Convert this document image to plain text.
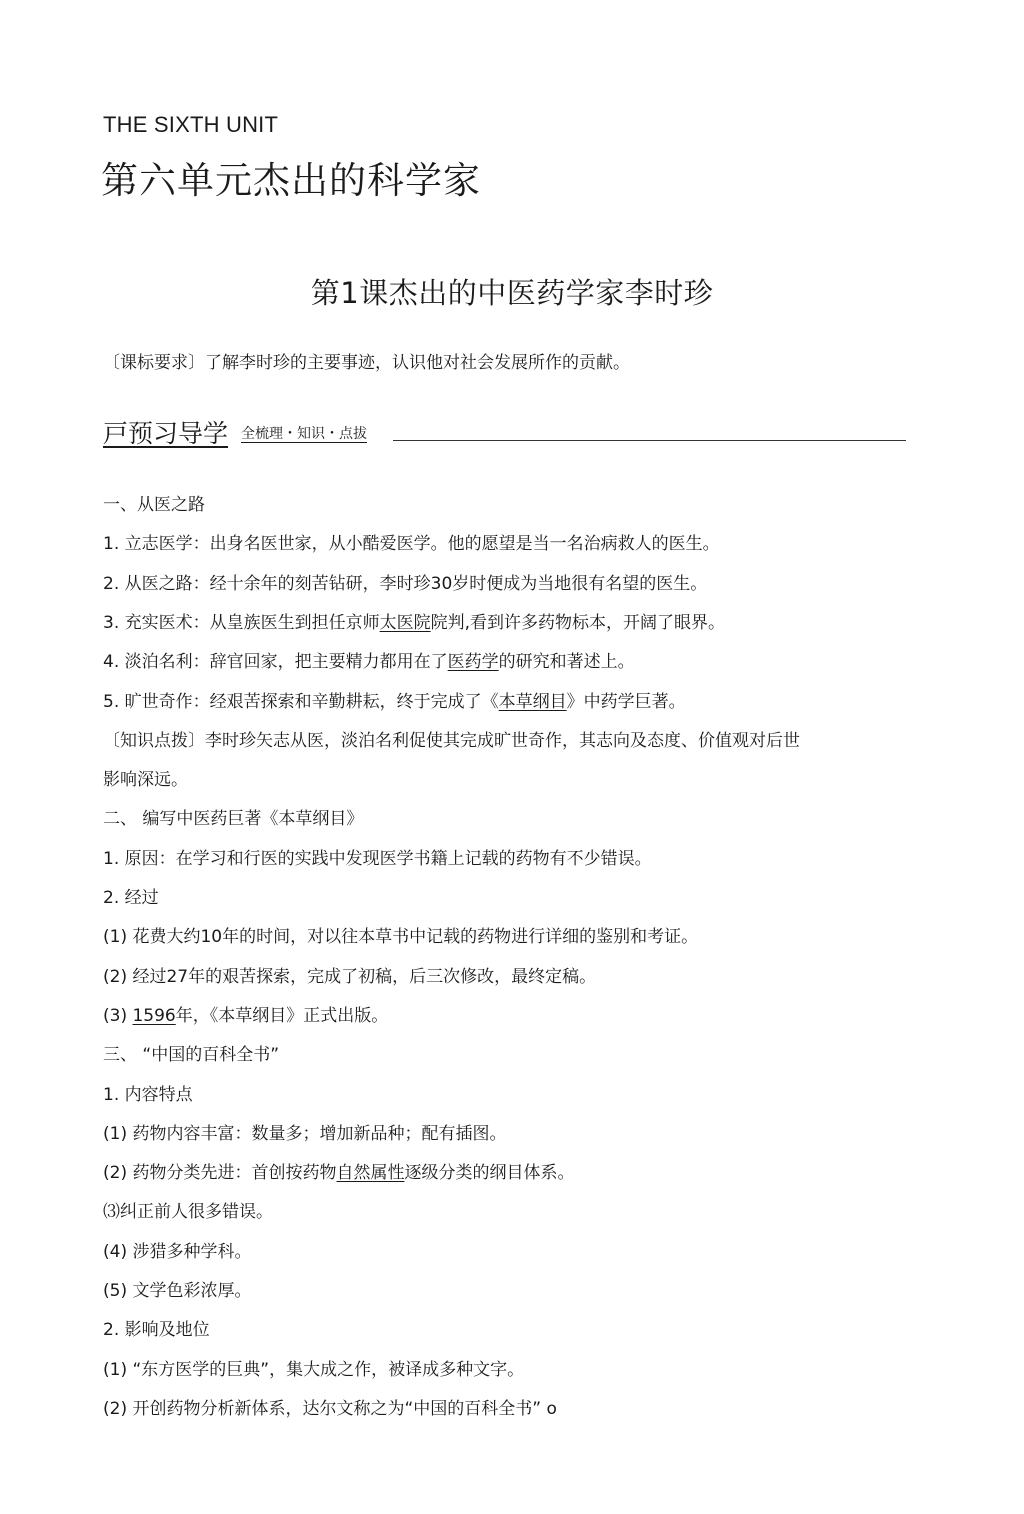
THE SIXTH UNIT
第六单元杰出的科学家
第1课杰出的中医药学家李时珍
〔课标要求〕了解李时珍的主要事迹，认识他对社会发展所作的贡献。
戸预习导学 全梳理・知识・点拔
一、从医之路
1. 立志医学：出身名医世家，从小酷爱医学。他的愿望是当一名治病救人的医生。
2. 从医之路：经十余年的刻苦钻研，李时珍30岁时便成为当地很有名望的医生。
3. 充实医术：从皇族医生到担任京师太医院院判,看到许多药物标本，开阔了眼界。
4. 淡泊名利：辞官回家，把主要精力都用在了医药学的研究和著述上。
5. 旷世奇作：经艰苦探索和辛勤耕耘，终于完成了《本草纲目》中药学巨著。
〔知识点拨〕李时珍矢志从医，淡泊名利促使其完成旷世奇作，其志向及态度、价值观对后世
影响深远。
二、 编写中医药巨著《本草纲目》
1. 原因：在学习和行医的实践中发现医学书籍上记载的药物有不少错误。
2. 经过
(1) 花费大约10年的时间，对以往本草书中记载的药物进行详细的鉴别和考证。
(2) 经过27年的艰苦探索，完成了初稿，后三次修改，最终定稿。
(3) 1596年，《本草纲目》正式出版。
三、 “中国的百科全书”
1. 内容特点
(1) 药物内容丰富：数量多；增加新品种；配有插图。
(2) 药物分类先进：首创按药物自然属性逐级分类的纲目体系。
⑶纠正前人很多错误。
(4) 涉猎多种学科。
(5) 文学色彩浓厚。
2. 影响及地位
(1) “东方医学的巨典”，集大成之作，被译成多种文字。
(2) 开创药物分析新体系，达尔文称之为“中国的百科全书” o
